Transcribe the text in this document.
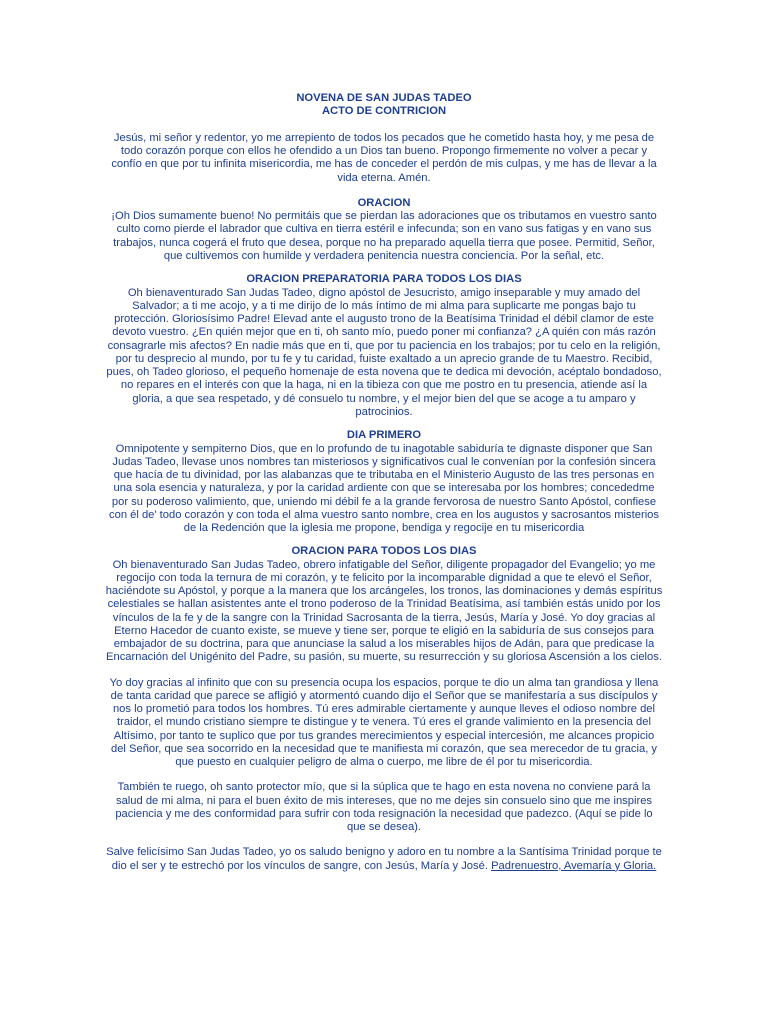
NOVENA DE SAN JUDAS TADEO
ACTO DE CONTRICION

Jesús, mi señor y redentor, yo me arrepiento de todos los pecados que he cometido hasta hoy, y me pesa de todo corazón porque con ellos he ofendido a un Dios tan bueno. Propongo firmemente no volver a pecar y confío en que por tu infinita misericordia, me has de conceder el perdón de mis culpas, y me has de llevar a la vida eterna. Amén.

ORACION

¡Oh Dios sumamente bueno! No permitáis que se pierdan las adoraciones que os tributamos en vuestro santo culto como pierde el labrador que cultiva en tierra estéril e infecunda; son en vano sus fatigas y en vano sus trabajos, nunca cogerá el fruto que desea, porque no ha preparado aquella tierra que posee. Permitid, Señor, que cultivemos con humilde y verdadera penitencia nuestra conciencia. Por la señal, etc.

ORACION PREPARATORIA PARA TODOS LOS DIAS

Oh bienaventurado San Judas Tadeo, digno apóstol de Jesucristo, amigo inseparable y muy amado del Salvador; a ti me acojo, y a ti me dirijo de lo más íntimo de mi alma para suplicarte me pongas bajo tu protección. Gloriosísimo Padre! Elevad ante el augusto trono de la Beatísima Trinidad el débil clamor de este devoto vuestro. ¿En quién mejor que en ti, oh santo mío, puedo poner mi confianza? ¿A quién con más razón consagrarle mis afectos? En nadie más que en ti, que por tu paciencia en los trabajos; por tu celo en la religión, por tu desprecio al mundo, por tu fe y tu caridad, fuiste exaltado a un aprecio grande de tu Maestro. Recibid, pues, oh Tadeo glorioso, el pequeño homenaje de esta novena que te dedica mi devoción, acéptalo bondadoso, no repares en el interés con que la haga, ni en la tibieza con que me postro en tu presencia, atiende así la gloria, a que sea respetado, y dé consuelo tu nombre, y el mejor bien del que se acoge a tu amparo y patrocinios.

DIA PRIMERO

Omnipotente y sempiterno Dios, que en lo profundo de tu inagotable sabiduría te dignaste disponer que San Judas Tadeo, llevase unos nombres tan misteriosos y significativos cual le convenían por la confesión sincera que hacía de tu divinidad, por las alabanzas que te tributaba en el Ministerio Augusto de las tres personas en una sola esencia y naturaleza, y por la caridad ardiente con que se interesaba por los hombres; concededme por su poderoso valimiento, que, uniendo mi débil fe a la grande fervorosa de nuestro Santo Apóstol, confiese con él de' todo corazón y con toda el alma vuestro santo nombre, crea en los augustos y sacrosantos misterios de la Redención que la iglesia me propone, bendiga y regocije en tu misericordia

ORACION PARA TODOS LOS DIAS

Oh bienaventurado San Judas Tadeo, obrero infatigable del Señor, diligente propagador del Evangelio; yo me regocijo con toda la ternura de mi corazón, y te felicito por la incomparable dignidad a que te elevó el Señor, haciéndote su Apóstol, y porque a la manera que los arcángeles, los tronos, las dominaciones y demás espíritus celestiales se hallan asistentes ante el trono poderoso de la Trinidad Beatísima, así también estás unido por los vínculos de la fe y de la sangre con la Trinidad Sacrosanta de la tierra, Jesús, María y José. Yo doy gracias al Eterno Hacedor de cuanto existe, se mueve y tiene ser, porque te eligió en la sabiduría de sus consejos para embajador de su doctrina, para que anunciase la salud a los miserables hijos de Adán, para que predicase la Encarnación del Unigénito del Padre, su pasión, su muerte, su resurrección y su gloriosa Ascensión a los cielos.

Yo doy gracias al infinito que con su presencia ocupa los espacios, porque te dio un alma tan grandiosa y llena de tanta caridad que parece se afligió y atormentó cuando dijo el Señor que se manifestaría a sus discípulos y nos lo prometió para todos los hombres. Tú eres admirable ciertamente y aunque lleves el odioso nombre del traidor, el mundo cristiano siempre te distingue y te venera. Tú eres el grande valimiento en la presencia del Altísimo, por tanto te suplico que por tus grandes merecimientos y especial intercesión, me alcances propicio del Señor, que sea socorrido en la necesidad que te manifiesta mi corazón, que sea merecedor de tu gracia, y que puesto en cualquier peligro de alma o cuerpo, me libre de él por tu misericordia.

También te ruego, oh santo protector mío, que si la súplica que te hago en esta novena no conviene pará la salud de mi alma, ni para el buen éxito de mis intereses, que no me dejes sin consuelo sino que me inspires paciencia y me des conformidad para sufrir con toda resignación la necesidad que padezco. (Aquí se pide lo que se desea).

Salve felicísimo San Judas Tadeo, yo os saludo benigno y adoro en tu nombre a la Santísima Trinidad porque te dio el ser y te estrechó por los vínculos de sangre, con Jesús, María y José. Padrenuestro, Avemaría y Gloria.
